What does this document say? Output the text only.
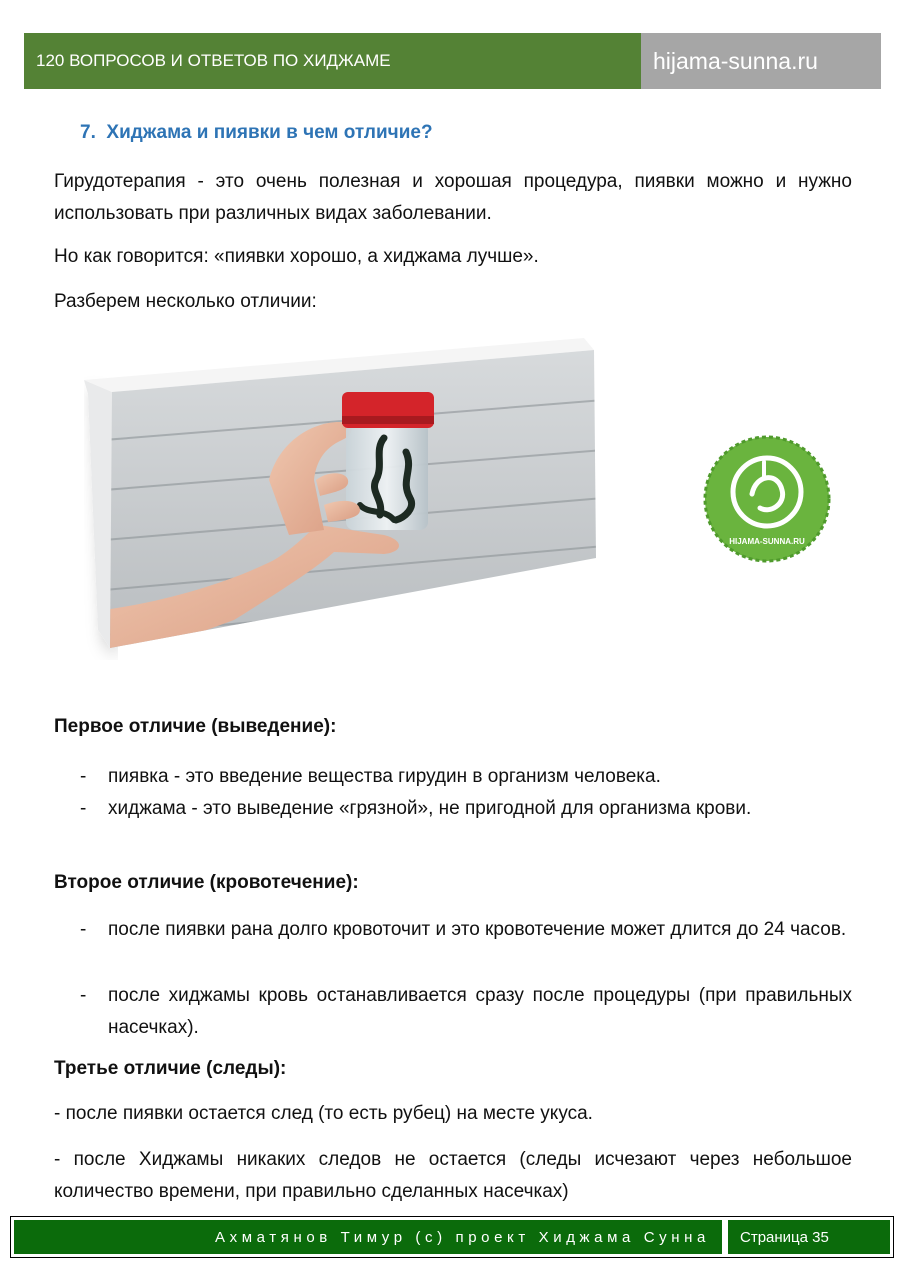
120 ВОПРОСОВ И ОТВЕТОВ ПО ХИДЖАМЕ	hijama-sunna.ru
7. Хиджама и пиявки в чем отличие?
Гирудотерапия - это очень полезная и хорошая процедура, пиявки можно и нужно использовать при различных видах заболевании.
Но как говорится: «пиявки хорошо, а хиджама лучше».
Разберем несколько отличии:
HIJAMA-SUNNA.RU
Первое отличие (выведение):
- пиявка - это введение вещества гирудин в организм человека.
- хиджама - это выведение «грязной», не пригодной для организма крови.
Второе отличие (кровотечение):
- после пиявки рана долго кровоточит и это кровотечение может длится до 24 часов.
- после хиджамы кровь останавливается сразу после процедуры (при правильных насечках).
Третье отличие (следы):
- после пиявки остается след (то есть рубец) на месте укуса.
- после Хиджамы никаких следов не остается (следы исчезают через небольшое количество времени, при правильно сделанных насечках)
Ахматянов Тимур (с) проект Хиджама Сунна	Страница 35
